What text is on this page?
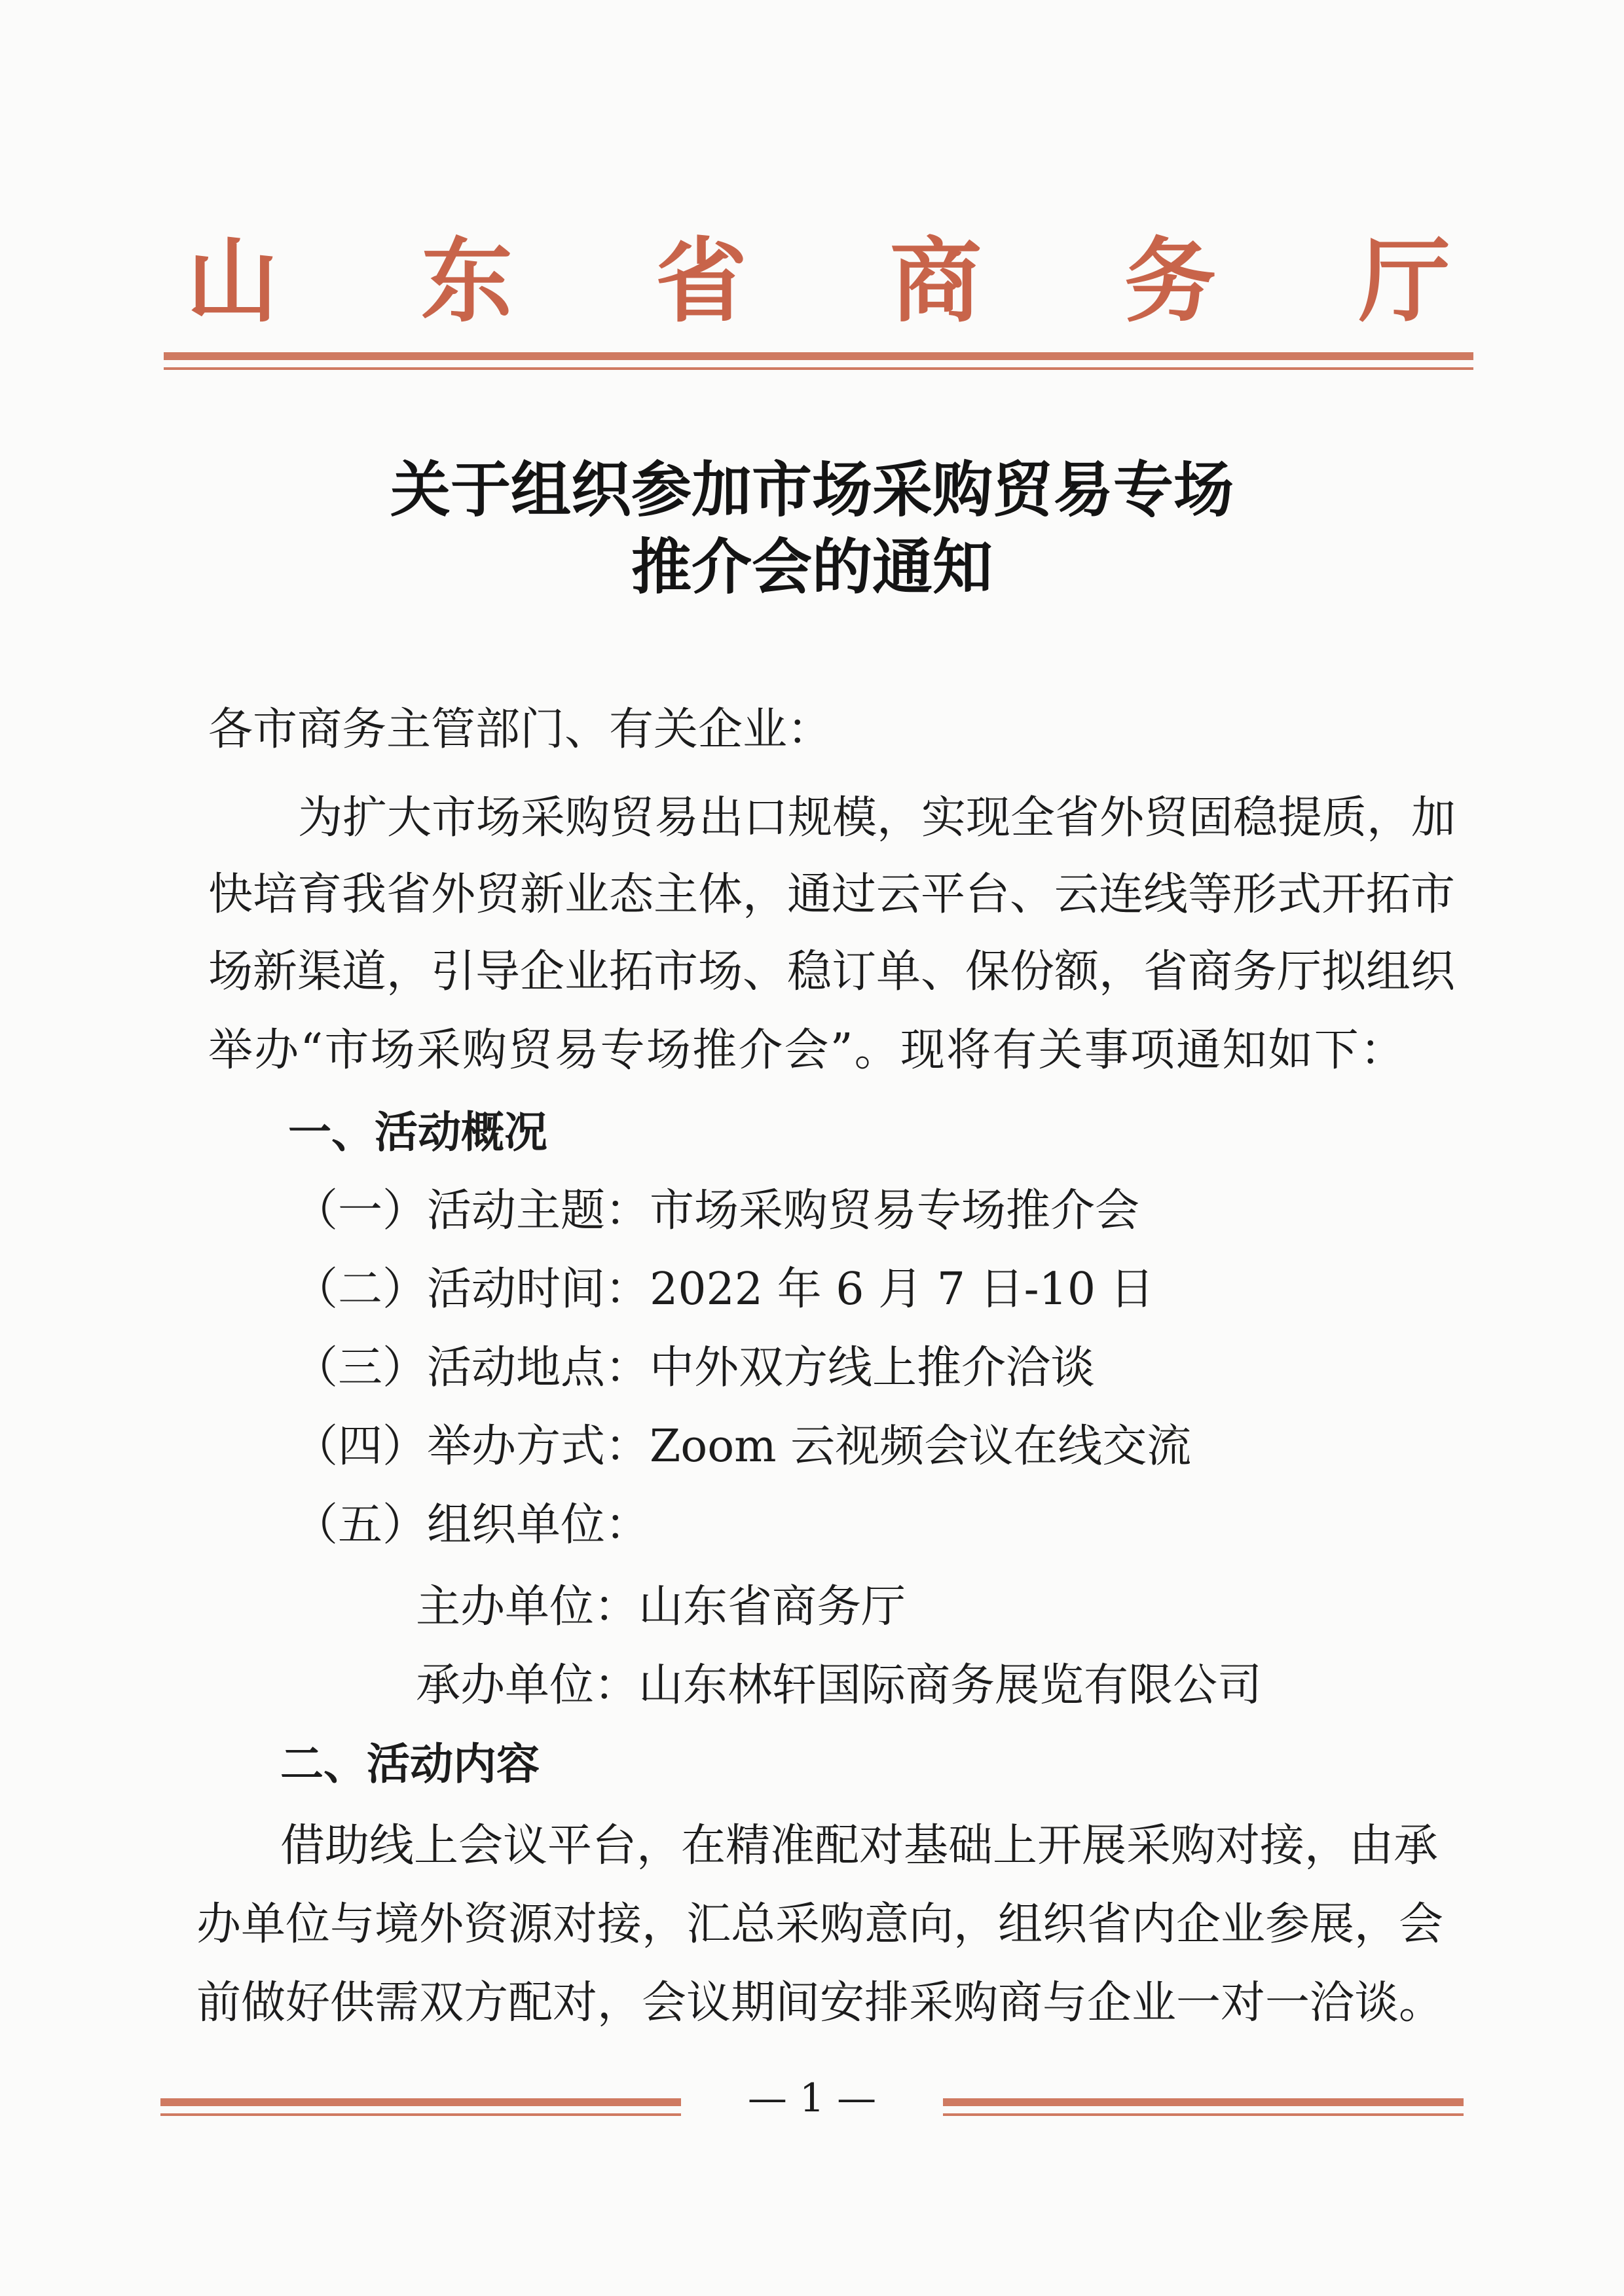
山 东 省 商 务 厅
关于组织参加市场采购贸易专场
推介会的通知
各市商务主管部门、有关企业：
为扩大市场采购贸易出口规模，实现全省外贸固稳提质，加
快培育我省外贸新业态主体，通过云平台、云连线等形式开拓市
场新渠道，引导企业拓市场、稳订单、保份额，省商务厅拟组织
举办“市场采购贸易专场推介会”。现将有关事项通知如下：
一、活动概况
（一）活动主题：市场采购贸易专场推介会
（二）活动时间：2022 年 6 月 7 日-10 日
（三）活动地点：中外双方线上推介洽谈
（四）举办方式：Zoom 云视频会议在线交流
（五）组织单位：
主办单位：山东省商务厅
承办单位：山东林轩国际商务展览有限公司
二、活动内容
借助线上会议平台，在精准配对基础上开展采购对接，由承
办单位与境外资源对接，汇总采购意向，组织省内企业参展，会
前做好供需双方配对，会议期间安排采购商与企业一对一洽谈。
— 1 —
